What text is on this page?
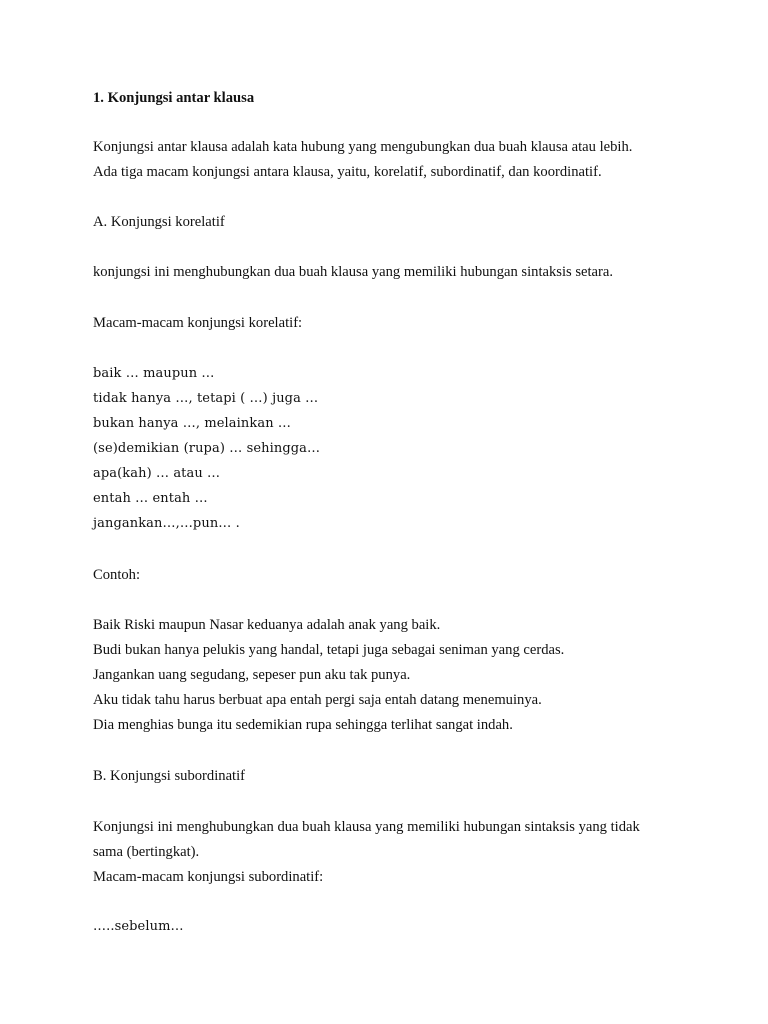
1. Konjungsi antar klausa
Konjungsi antar klausa adalah kata hubung yang mengubungkan dua buah klausa atau lebih.
Ada tiga macam konjungsi antara klausa, yaitu, korelatif, subordinatif, dan koordinatif.
A. Konjungsi korelatif
konjungsi ini menghubungkan dua buah klausa yang memiliki hubungan sintaksis setara.
Macam-macam konjungsi korelatif:
baik … maupun …
tidak hanya …, tetapi ( …) juga …
bukan hanya …, melainkan …
(se)demikian (rupa) … sehingga…
apa(kah) … atau …
entah … entah …
jangankan…,…pun… .
Contoh:
Baik Riski maupun Nasar keduanya adalah anak yang baik.
Budi bukan hanya pelukis yang handal, tetapi juga sebagai seniman yang cerdas.
Jangankan uang segudang, sepeser pun aku tak punya.
Aku tidak tahu harus berbuat apa entah pergi saja entah datang menemuinya.
Dia menghias bunga itu sedemikian rupa sehingga terlihat sangat indah.
B. Konjungsi subordinatif
Konjungsi ini menghubungkan dua buah klausa yang memiliki hubungan sintaksis yang tidak
sama (bertingkat).
Macam-macam konjungsi subordinatif:
…..sebelum…
